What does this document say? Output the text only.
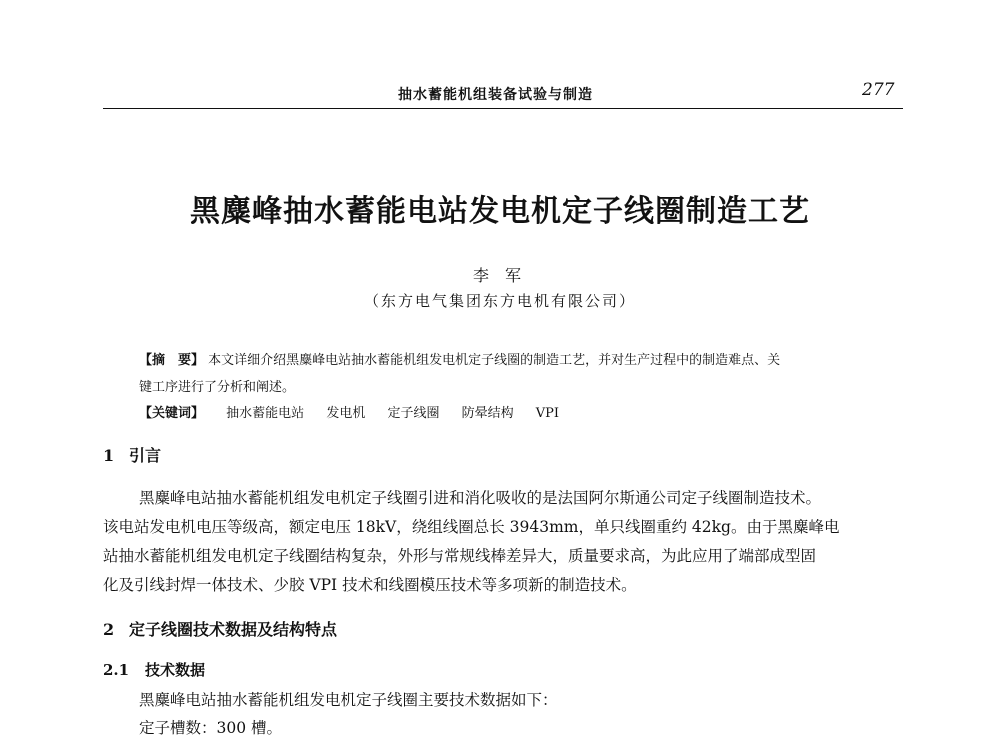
抽水蓄能机组装备试验与制造	277
黑麋峰抽水蓄能电站发电机定子线圈制造工艺
李军
（东方电气集团东方电机有限公司）
【摘　要】 本文详细介绍黑麋峰电站抽水蓄能机组发电机定子线圈的制造工艺，并对生产过程中的制造难点、关
键工序进行了分析和阐述。
【关键词】 抽水蓄能电站 发电机 定子线圈 防晕结构 VPI
1 引言
黑麋峰电站抽水蓄能机组发电机定子线圈引进和消化吸收的是法国阿尔斯通公司定子线圈制造技术。
该电站发电机电压等级高，额定电压 18kV，绕组线圈总长 3943mm，单只线圈重约 42kg。由于黑麋峰电
站抽水蓄能机组发电机定子线圈结构复杂，外形与常规线棒差异大，质量要求高，为此应用了端部成型固
化及引线封焊一体技术、少胶 VPI 技术和线圈模压技术等多项新的制造技术。
2 定子线圈技术数据及结构特点
2.1 技术数据
黑麋峰电站抽水蓄能机组发电机定子线圈主要技术数据如下：
定子槽数：300 槽。
